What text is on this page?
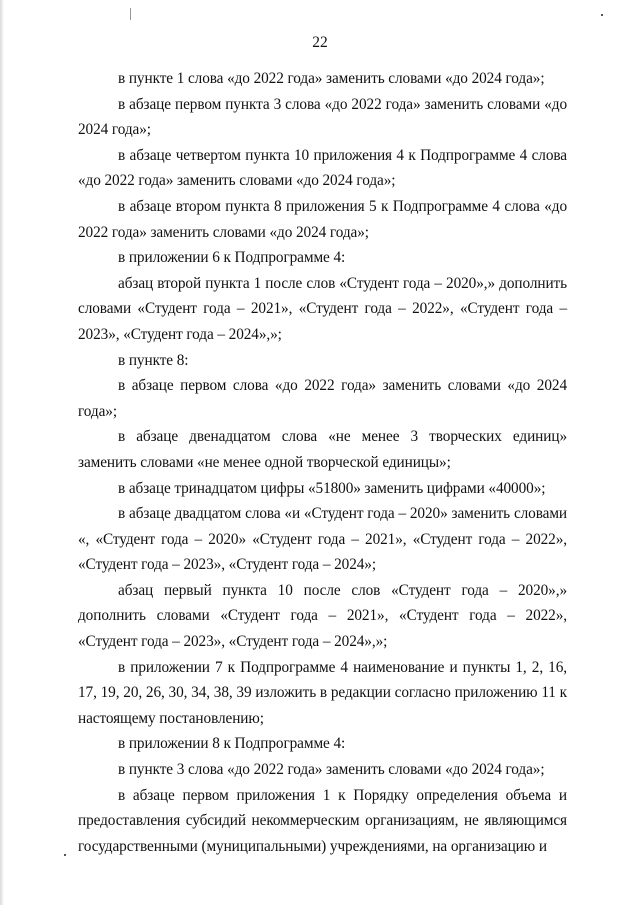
22

в пункте 1 слова «до 2022 года» заменить словами «до 2024 года»;

в абзаце первом пункта 3 слова «до 2022 года» заменить словами «до 2024 года»;

в абзаце четвертом пункта 10 приложения 4 к Подпрограмме 4 слова «до 2022 года» заменить словами «до 2024 года»;

в абзаце втором пункта 8 приложения 5 к Подпрограмме 4 слова «до 2022 года» заменить словами «до 2024 года»;

в приложении 6 к Подпрограмме 4:

абзац второй пункта 1 после слов «Студент года – 2020»,» дополнить словами «Студент года – 2021», «Студент года – 2022», «Студент года – 2023», «Студент года – 2024»,»;

в пункте 8:

в абзаце первом слова «до 2022 года» заменить словами «до 2024 года»;

в абзаце двенадцатом слова «не менее 3 творческих единиц» заменить словами «не менее одной творческой единицы»;

в абзаце тринадцатом цифры «51800» заменить цифрами «40000»;

в абзаце двадцатом слова «и «Студент года – 2020» заменить словами «, «Студент года – 2020» «Студент года – 2021», «Студент года – 2022», «Студент года – 2023», «Студент года – 2024»;

абзац первый пункта 10 после слов «Студент года – 2020»,» дополнить словами «Студент года – 2021», «Студент года – 2022», «Студент года – 2023», «Студент года – 2024»,»;

в приложении 7 к Подпрограмме 4 наименование и пункты 1, 2, 16, 17, 19, 20, 26, 30, 34, 38, 39 изложить в редакции согласно приложению 11 к настоящему постановлению;

в приложении 8 к Подпрограмме 4:

в пункте 3 слова «до 2022 года» заменить словами «до 2024 года»;

в абзаце первом приложения 1 к Порядку определения объема и предоставления субсидий некоммерческим организациям, не являющимся государственными (муниципальными) учреждениями, на организацию и
